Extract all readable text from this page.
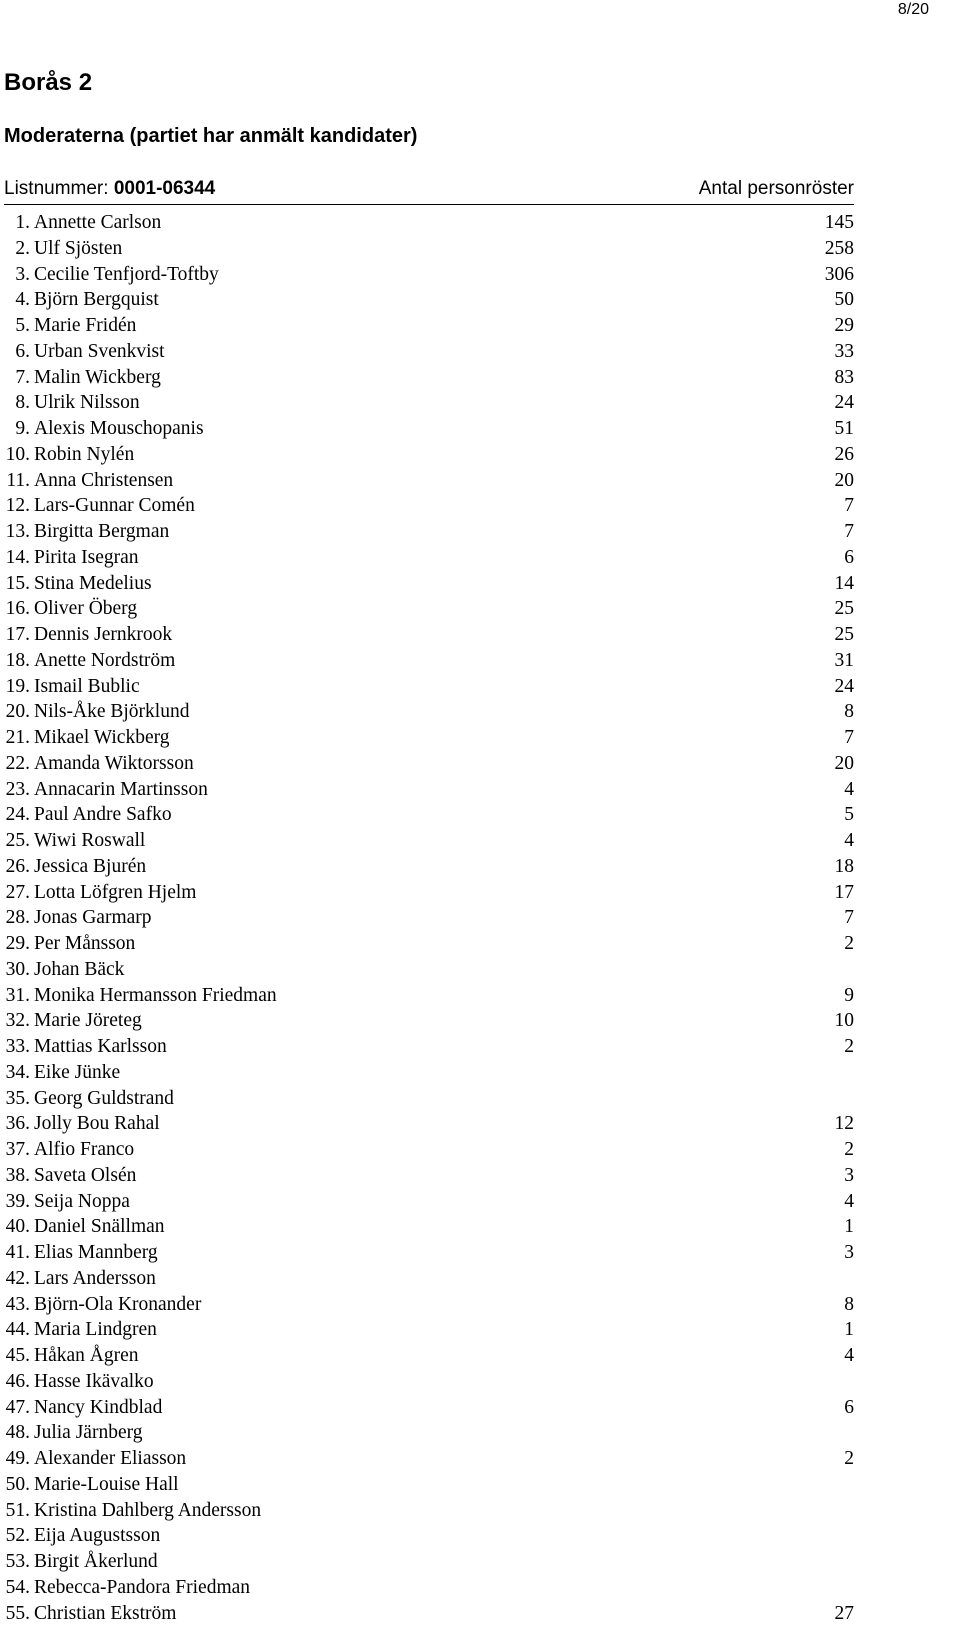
8/20
Borås 2
Moderaterna (partiet har anmält kandidater)
Listnummer: 0001-06344	Antal personröster
1. Annette Carlson	145
2. Ulf Sjösten	258
3. Cecilie Tenfjord-Toftby	306
4. Björn Bergquist	50
5. Marie Fridén	29
6. Urban Svenkvist	33
7. Malin Wickberg	83
8. Ulrik Nilsson	24
9. Alexis Mouschopanis	51
10. Robin Nylén	26
11. Anna Christensen	20
12. Lars-Gunnar Comén	7
13. Birgitta Bergman	7
14. Pirita Isegran	6
15. Stina Medelius	14
16. Oliver Öberg	25
17. Dennis Jernkrook	25
18. Anette Nordström	31
19. Ismail Bublic	24
20. Nils-Åke Björklund	8
21. Mikael Wickberg	7
22. Amanda Wiktorsson	20
23. Annacarin Martinsson	4
24. Paul Andre Safko	5
25. Wiwi Roswall	4
26. Jessica Bjurén	18
27. Lotta Löfgren Hjelm	17
28. Jonas Garmarp	7
29. Per Månsson	2
30. Johan Bäck
31. Monika Hermansson Friedman	9
32. Marie Jöreteg	10
33. Mattias Karlsson	2
34. Eike Jünke
35. Georg Guldstrand
36. Jolly Bou Rahal	12
37. Alfio Franco	2
38. Saveta Olsén	3
39. Seija Noppa	4
40. Daniel Snällman	1
41. Elias Mannberg	3
42. Lars Andersson
43. Björn-Ola Kronander	8
44. Maria Lindgren	1
45. Håkan Ågren	4
46. Hasse Ikävalko
47. Nancy Kindblad	6
48. Julia Järnberg
49. Alexander Eliasson	2
50. Marie-Louise Hall
51. Kristina Dahlberg Andersson
52. Eija Augustsson
53. Birgit Åkerlund
54. Rebecca-Pandora Friedman
55. Christian Ekström	27
